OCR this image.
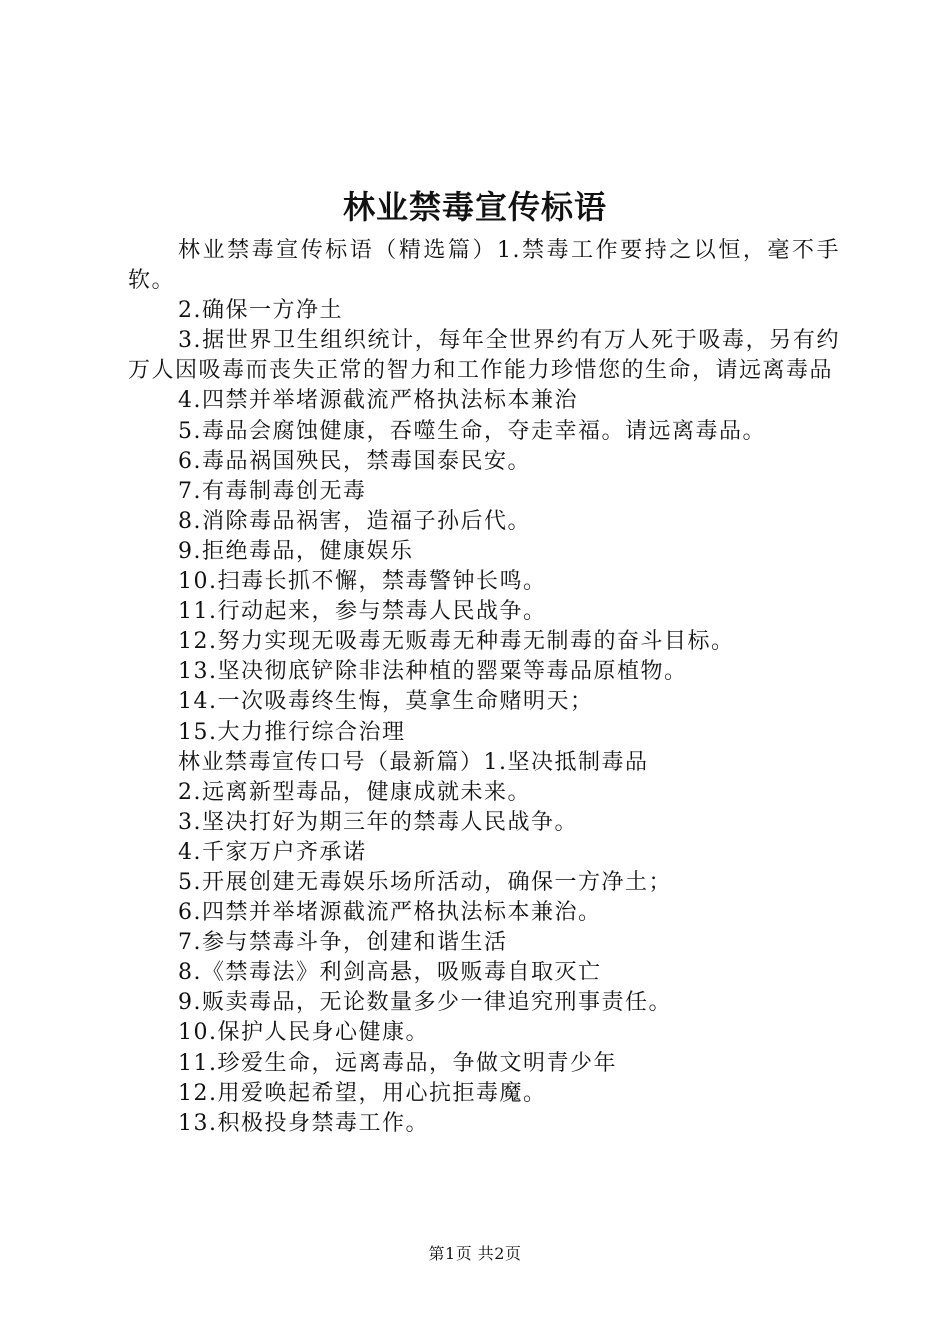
林业禁毒宣传标语

林业禁毒宣传标语（精选篇）1.禁毒工作要持之以恒，毫不手软。

2.确保一方净土

3.据世界卫生组织统计，每年全世界约有万人死于吸毒，另有约万人因吸毒而丧失正常的智力和工作能力珍惜您的生命，请远离毒品

4.四禁并举堵源截流严格执法标本兼治

5.毒品会腐蚀健康，吞噬生命，夺走幸福。请远离毒品。

6.毒品祸国殃民，禁毒国泰民安。

7.有毒制毒创无毒

8.消除毒品祸害，造福子孙后代。

9.拒绝毒品，健康娱乐

10.扫毒长抓不懈，禁毒警钟长鸣。

11.行动起来，参与禁毒人民战争。

12.努力实现无吸毒无贩毒无种毒无制毒的奋斗目标。

13.坚决彻底铲除非法种植的罂粟等毒品原植物。

14.一次吸毒终生悔，莫拿生命赌明天；

15.大力推行综合治理

林业禁毒宣传口号（最新篇）1.坚决抵制毒品

2.远离新型毒品，健康成就未来。

3.坚决打好为期三年的禁毒人民战争。

4.千家万户齐承诺

5.开展创建无毒娱乐场所活动，确保一方净土；

6.四禁并举堵源截流严格执法标本兼治。

7.参与禁毒斗争，创建和谐生活

8.《禁毒法》利剑高悬，吸贩毒自取灭亡

9.贩卖毒品，无论数量多少一律追究刑事责任。

10.保护人民身心健康。

11.珍爱生命，远离毒品，争做文明青少年

12.用爱唤起希望，用心抗拒毒魔。

13.积极投身禁毒工作。

第1页 共2页
